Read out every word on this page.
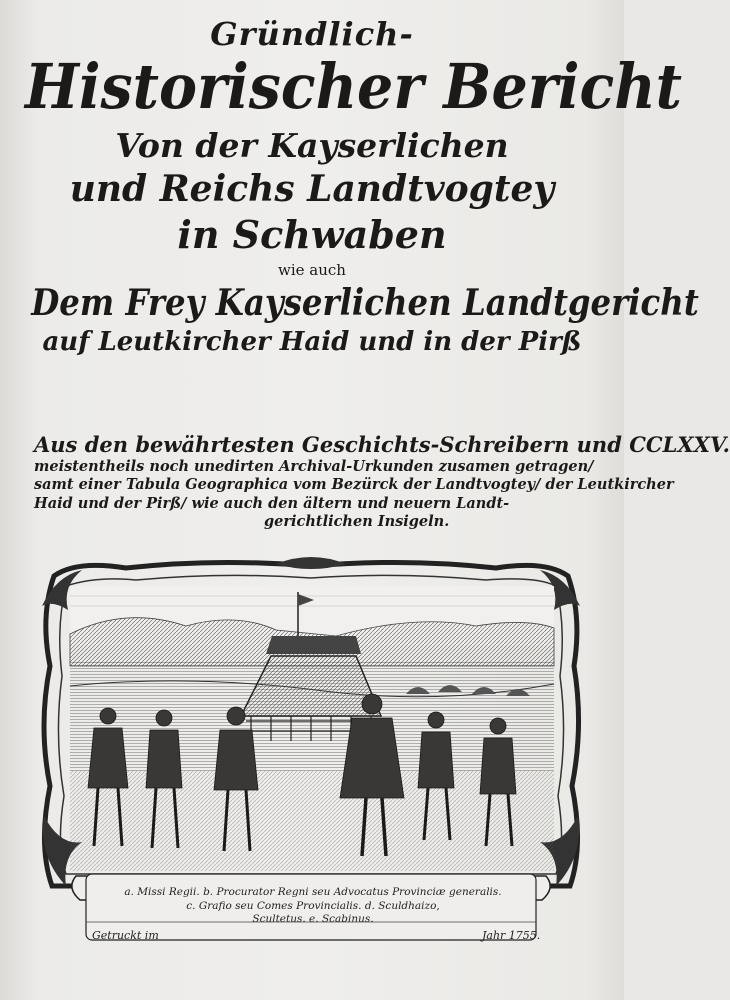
Gründlich-
Historischer Bericht
Von der Kayserlichen
und Reichs Landtvogtey
in Schwaben
wie auch
Dem Frey Kayserlichen Landtgericht
auf Leutkircher Haid und in der Pirß
Aus den bewährtesten Geschichts-Schreibern und CCLXXV.
meistentheils noch unedirten Archival-Urkunden zusamen getragen/
samt einer Tabula Geographica vom Bezürck der Landtvogtey/ der Leutkircher
Haid und der Pirß/ wie auch den ältern und neuern Landt-
gerichtlichen Insigeln.
a. Missi Regii. b. Procurator Regni seu Advocatus Provinciæ generalis.
c. Grafio seu Comes Provincialis. d. Sculdhaizo,
Scultetus. e. Scabinus.
Getruckt im	Jahr 1755.
